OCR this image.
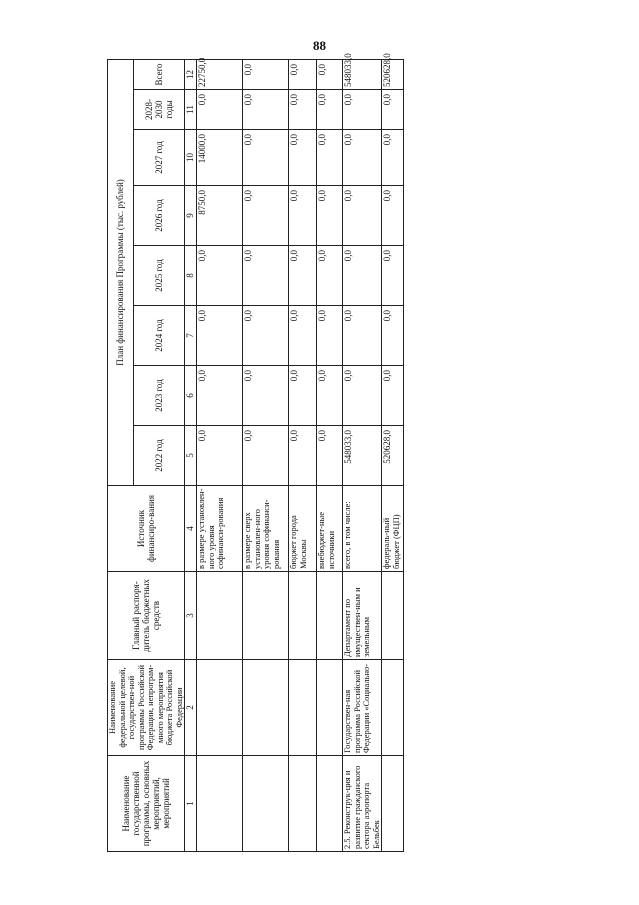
88
Наименование государственной программы, основных мероприятий, мероприятий	Наименование федеральной целевой, государствен-ной программы Российской Федерации, непрограм-много мероприятия бюджета Российской Федерации	Главный распоря-дитель бюджетных средств	Источник финансиро-вания	План финансирования Программы (тыс. рублей)							
				2022 год	2023 год	2024 год	2025 год	2026 год	2027 год	2028-2030 годы	Всего
1	2	3	4	5	6	7	8	9	10	11	12
			в размере установлен-ного уровня софинанси-рования	0,0	0,0	0,0	0,0	8750,0	14000,0	0,0	22750,0
			в размере сверх установлен-ного уровня софинанси-рования	0,0	0,0	0,0	0,0	0,0	0,0	0,0	0,0
			бюджет города Москвы	0,0	0,0	0,0	0,0	0,0	0,0	0,0	0,0
			внебюджет-ные источники	0,0	0,0	0,0	0,0	0,0	0,0	0,0	0,0
2.5. Реконструк-ция и развитие гражданского сектора аэропорта Бельбек	Государствен-ная программа Российской Федерации «Социально-	Департамент по имуществен-ным и земельным	всего, в том числе:	548033,0	0,0	0,0	0,0	0,0	0,0	0,0	548033,0
			федераль-ный бюджет (ФЦП)	520628,0	0,0	0,0	0,0	0,0	0,0	0,0	520628,0
